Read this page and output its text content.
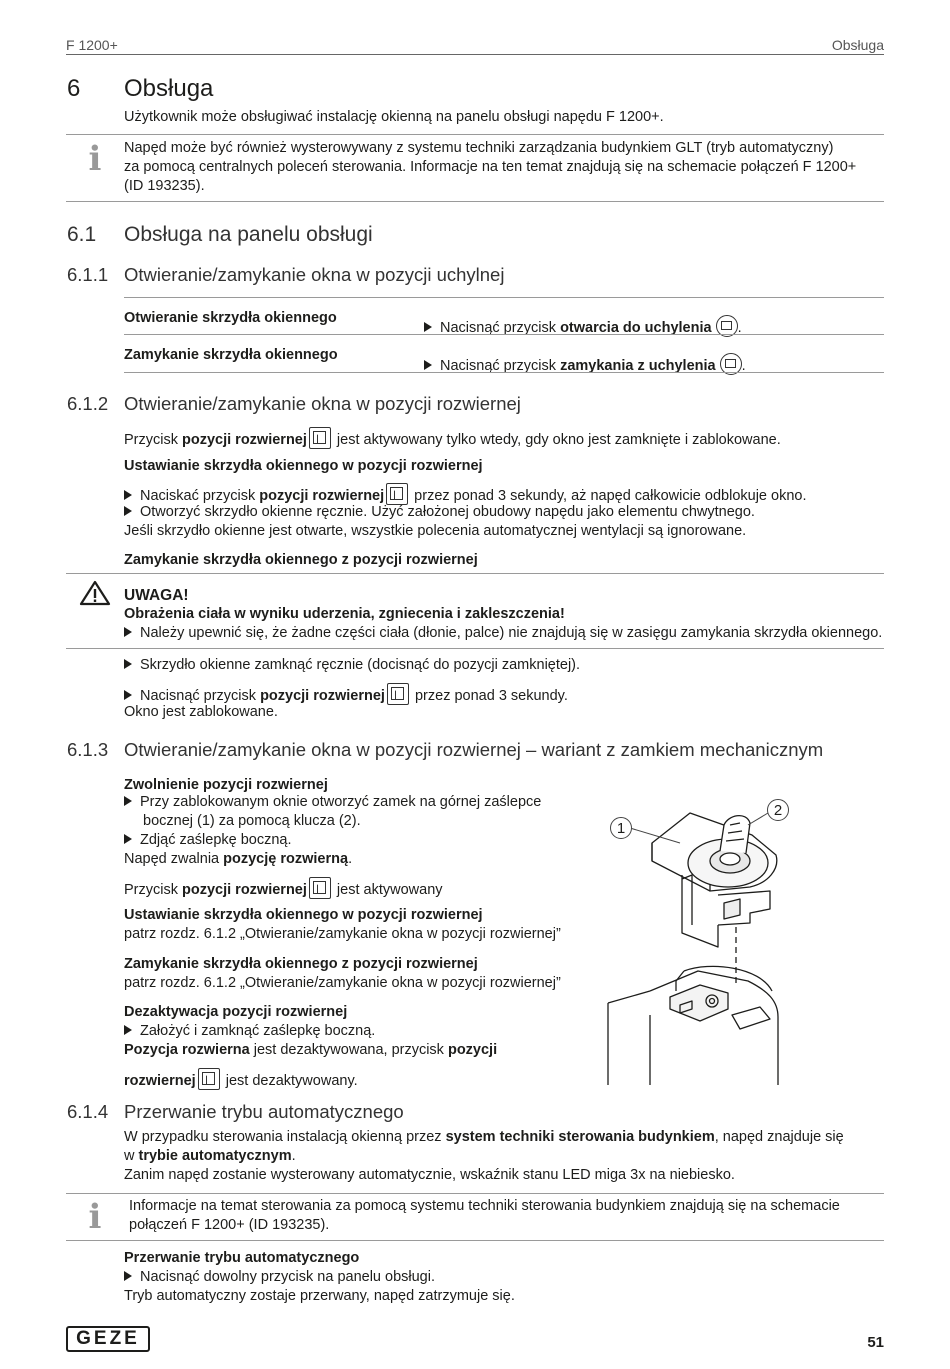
F 1200+	Obsługa
6 Obsługa
Użytkownik może obsługiwać instalację okienną na panelu obsługi napędu F 1200+.
i Napęd może być również wysterowywany z systemu techniki zarządzania budynkiem GLT (tryb automatyczny)

za pomocą centralnych poleceń sterowania. Informacje na ten temat znajdują się na schemacie połączeń F 1200+

(ID 193235).

6.1 Obsługa na panelu obsługi
6.1.1 Otwieranie/zamykanie okna w pozycji uchylnej
Otwieranie skrzydła okiennego
Nacisnąć przycisk otwarcia do uchylenia .
Zamykanie skrzydła okiennego
Nacisnąć przycisk zamykania z uchylenia .
6.1.2 Otwieranie/zamykanie okna w pozycji rozwiernej
Przycisk pozycji rozwiernej jest aktywowany tylko wtedy, gdy okno jest zamknięte i zablokowane.
Ustawianie skrzydła okiennego w pozycji rozwiernej
Naciskać przycisk pozycji rozwiernej przez ponad 3 sekundy, aż napęd całkowicie odblokuje okno.
Otworzyć skrzydło okienne ręcznie. Użyć założonej obudowy napędu jako elementu chwytnego.
Jeśli skrzydło okienne jest otwarte, wszystkie polecenia automatycznej wentylacji są ignorowane.
Zamykanie skrzydła okiennego z pozycji rozwiernej
UWAGA!
Obrażenia ciała w wyniku uderzenia, zgniecenia i zakleszczenia!
Należy upewnić się, że żadne części ciała (dłonie, palce) nie znajdują się w zasięgu zamykania skrzydła okiennego.
Skrzydło okienne zamknąć ręcznie (docisnąć do pozycji zamkniętej).
Nacisnąć przycisk pozycji rozwiernej przez ponad 3 sekundy.
Okno jest zablokowane.
6.1.3 Otwieranie/zamykanie okna w pozycji rozwiernej – wariant z zamkiem mechanicznym
Zwolnienie pozycji rozwiernej
Przy zablokowanym oknie otworzyć zamek na górnej zaślepce
bocznej (1) za pomocą klucza (2).
Zdjąć zaślepkę boczną.
Napęd zwalnia pozycję rozwierną.
Przycisk pozycji rozwiernej jest aktywowany
Ustawianie skrzydła okiennego w pozycji rozwiernej
patrz rozdz. 6.1.2 „Otwieranie/zamykanie okna w pozycji rozwiernej”
Zamykanie skrzydła okiennego z pozycji rozwiernej
patrz rozdz. 6.1.2 „Otwieranie/zamykanie okna w pozycji rozwiernej”
Dezaktywacja pozycji rozwiernej
Założyć i zamknąć zaślepkę boczną.
Pozycja rozwierna jest dezaktywowana, przycisk pozycji
rozwiernej jest dezaktywowany.
1
2
6.1.4 Przerwanie trybu automatycznego
W przypadku sterowania instalacją okienną przez system techniki sterowania budynkiem, napęd znajduje się
w trybie automatycznym.
Zanim napęd zostanie wysterowany automatycznie, wskaźnik stanu LED miga 3x na niebiesko.
i Informacje na temat sterowania za pomocą systemu techniki sterowania budynkiem znajdują się na schemacie

połączeń F 1200+ (ID 193235).

Przerwanie trybu automatycznego
Nacisnąć dowolny przycisk na panelu obsługi.
Tryb automatyczny zostaje przerwany, napęd zatrzymuje się.
GEZE	51
